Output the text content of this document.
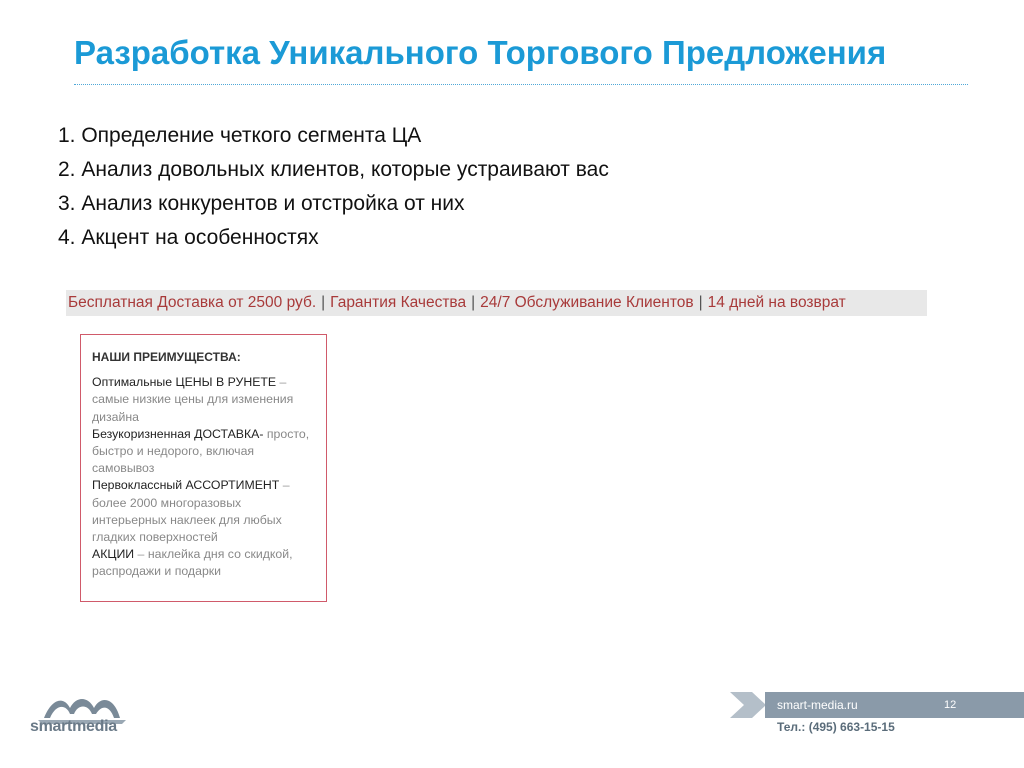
Разработка Уникального Торгового Предложения
1. Определение четкого сегмента ЦА
2. Анализ довольных клиентов, которые устраивают вас
3. Анализ конкурентов и отстройка от них
4. Акцент на особенностях
Бесплатная Доставка от 2500 руб. | Гарантия Качества | 24/7 Обслуживание Клиентов | 14 дней на возврат
НАШИ ПРЕИМУЩЕСТВА:

Оптимальные ЦЕНЫ В РУНЕТЕ – самые низкие цены для изменения дизайна

Безукоризненная ДОСТАВКА- просто, быстро и недорого, включая самовывоз

Первоклассный АССОРТИМЕНТ – более 2000 многоразовых интерьерных наклеек для любых гладких поверхностей

АКЦИИ – наклейка дня со скидкой, распродажи и подарки

smartmedia
smart-media.ru	12
Тел.: (495) 663-15-15
